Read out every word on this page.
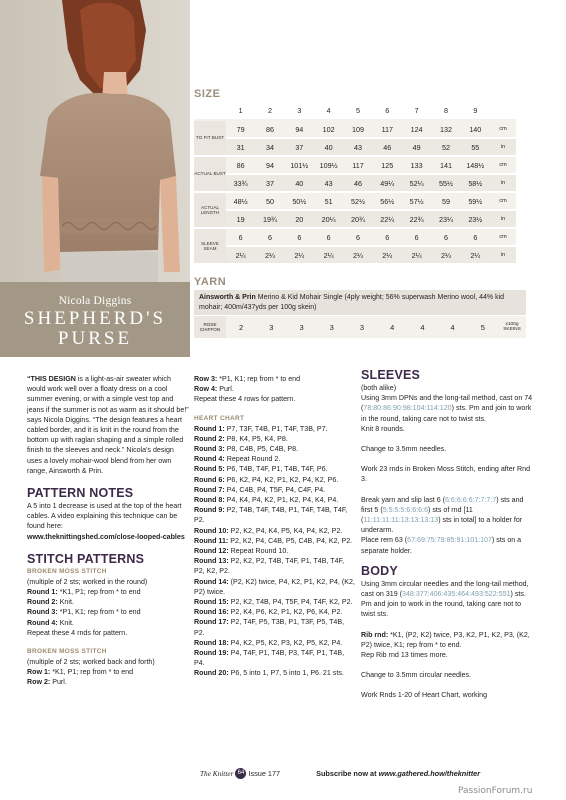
Nicola Diggins
SHEPHERD'S
PURSE
SIZE
	1	2	3	4	5	6	7	8	9	
TO FIT BUST	79	86	94	102	109	117	124	132	140	cm
	31	34	37	40	43	46	49	52	55	in
ACTUAL BUST	86	94	101½	109½	117	125	133	141	148½	cm
	33¾	37	40	43	46	49¼	52¼	55½	58½	in
ACTUAL LENGTH	48½	50	50½	51	52½	56½	57½	59	59½	cm
	19	19¾	20	20¼	20¾	22¼	22¾	23¼	23½	in
SLEEVE SEAM	6	6	6	6	6	6	6	6	6	cm
	2¼	2¼	2¼	2¼	2¼	2¼	2¼	2¼	2¼	in
YARN
Ainsworth & Prin Merino & Kid Mohair Single (4ply weight; 56% superwash Merino wool, 44% kid mohair; 400m/437yds per 100g skein)
ROSE CHIFFON	2	3	3	3	3	4	4	4	5	x100g SKEINS

“THIS DESIGN is a light-as-air sweater which would work well over a floaty dress on a cool summer evening, or with a simple vest top and jeans if the summer is not as warm as it should be!” says Nicola Diggins. “The design features a heart cabled border, and it is knit in the round from the bottom up with raglan shaping and a simple rolled finish to the sleeves and neck.” Nicola's design uses a lovely mohair-wool blend from her own range, Ainsworth & Prin.

PATTERN NOTES

A 5 into 1 decrease is used at the top of the heart cables. A video explaining this technique can be found here:

www.theknittingshed.com/close-looped-cables

STITCH PATTERNS
BROKEN MOSS STITCH

(multiple of 2 sts; worked in the round)

Round 1: *K1, P1; rep from * to end

Round 2: Knit.

Round 3: *P1, K1; rep from * to end

Round 4: Knit.

Repeat these 4 rnds for pattern.

BROKEN MOSS STITCH

(multiple of 2 sts; worked back and forth)

Row 1: *K1, P1; rep from * to end

Row 2: Purl.

Row 3: *P1, K1; rep from * to end

Row 4: Purl.

Repeat these 4 rows for pattern.

HEART CHART

Round 1: P7, T3F, T4B, P1, T4F, T3B, P7.

Round 2: P8, K4, P5, K4, P8.

Round 3: P8, C4B, P5, C4B, P8.

Round 4: Repeat Round 2.

Round 5: P6, T4B, T4F, P1, T4B, T4F, P6.

Round 6: P6, K2, P4, K2, P1, K2, P4, K2, P6.

Round 7: P4, C4B, P4, T5F, P4, C4F, P4.

Round 8: P4, K4, P4, K2, P1, K2, P4, K4, P4.

Round 9: P2, T4B, T4F, T4B, P1, T4F, T4B, T4F, P2.

Round 10: P2, K2, P4, K4, P5, K4, P4, K2, P2.

Round 11: P2, K2, P4, C4B, P5, C4B, P4, K2, P2.

Round 12: Repeat Round 10.

Round 13: P2, K2, P2, T4B, T4F, P1, T4B, T4F, P2, K2, P2.

Round 14: (P2, K2) twice, P4, K2, P1, K2, P4, (K2, P2) twice.

Round 15: P2, K2, T4B, P4, T5F, P4, T4F, K2, P2.

Round 16: P2, K4, P6, K2, P1, K2, P6, K4, P2.

Round 17: P2, T4F, P5, T3B, P1, T3F, P5, T4B, P2.

Round 18: P4, K2, P5, K2, P3, K2, P5, K2, P4.

Round 19: P4, T4F, P1, T4B, P3, T4F, P1, T4B, P4.

Round 20: P6, 5 into 1, P7, 5 into 1, P6. 21 sts.

SLEEVES

(both alike)

Using 3mm DPNs and the long-tail method, cast on 74 (78:80:86:90:98:104:114:120) sts. Pm and join to work in the round, taking care not to twist sts.

Knit 8 rounds.

Change to 3.5mm needles.

Work 23 rnds in Broken Moss Stitch, ending after Rnd 3.

Break yarn and slip last 6 (6:6:6:6:6:7:7:7:7) sts and first 5 (5:5:5:5:6:6:6:6) sts of rnd [11 (11:11:11:11:13:13:13:13) sts in total] to a holder for underarm.

Place rem 63 (67:69:75:79:85:91:101:107) sts on a separate holder.

BODY

Using 3mm circular needles and the long-tail method, cast on 319 (348:377:406:435:464:493:522:551) sts. Pm and join to work in the round, taking care not to twist sts.

Rib rnd: *K1, (P2, K2) twice, P3, K2, P1, K2, P3, (K2, P2) twice, K1; rep from * to end.

Rep Rib rnd 13 times more.

Change to 3.5mm circular needles.

Work Rnds 1-20 of Heart Chart, working

The Knitter 64 Issue 177	Subscribe now at www.gathered.how/theknitter
PassionForum.ru
